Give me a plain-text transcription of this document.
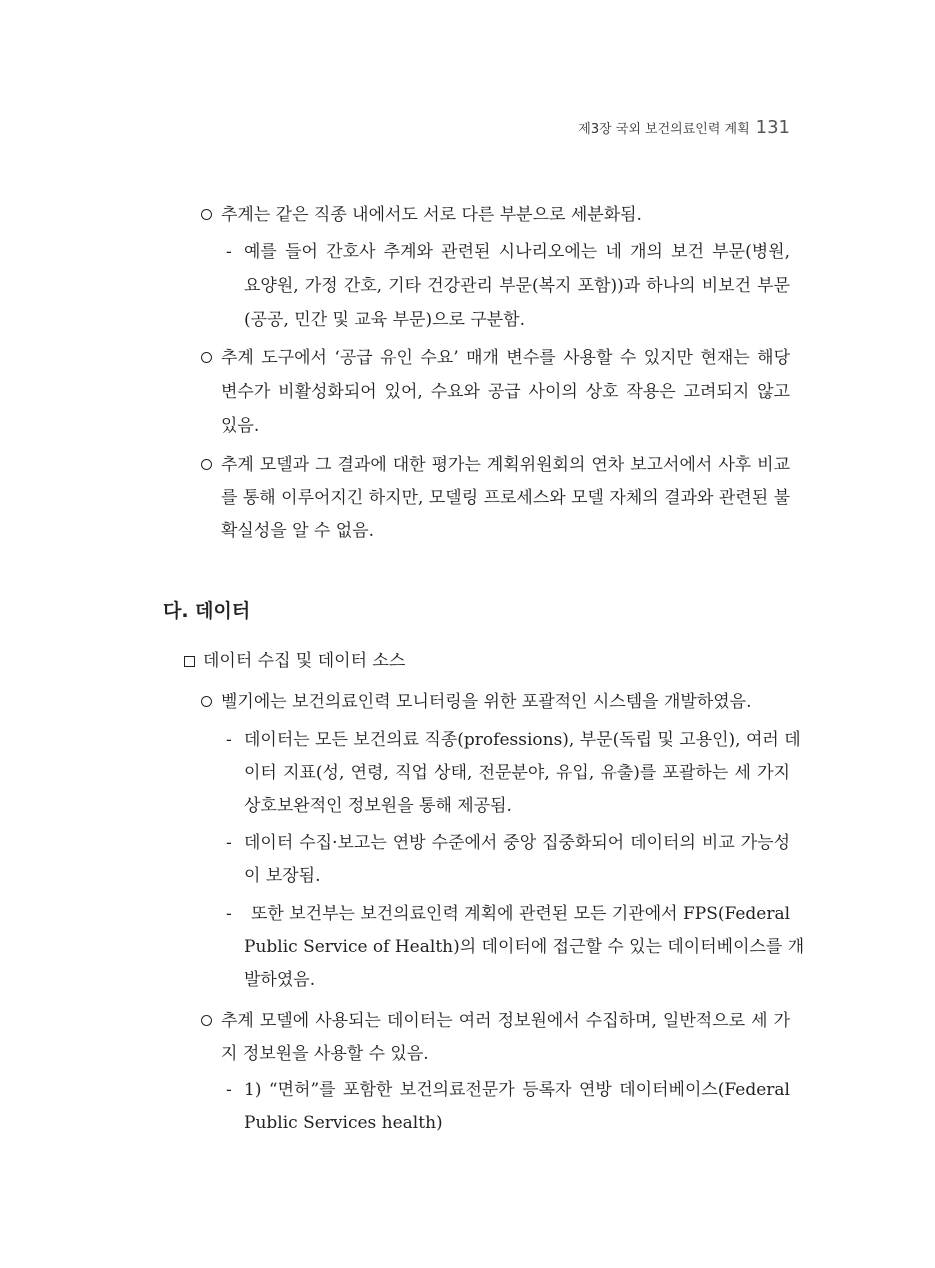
제3장 국외 보건의료인력 계획 131
추계는 같은 직종 내에서도 서로 다른 부분으로 세분화됨.
- 예를 들어 간호사 추계와 관련된 시나리오에는 네 개의 보건 부문(병원,
요양원, 가정 간호, 기타 건강관리 부문(복지 포함))과 하나의 비보건 부문
(공공, 민간 및 교육 부문)으로 구분함.
추계 도구에서 ‘공급 유인 수요’ 매개 변수를 사용할 수 있지만 현재는 해당
변수가 비활성화되어 있어, 수요와 공급 사이의 상호 작용은 고려되지 않고
있음.
추계 모델과 그 결과에 대한 평가는 계획위원회의 연차 보고서에서 사후 비교
를 통해 이루어지긴 하지만, 모델링 프로세스와 모델 자체의 결과와 관련된 불
확실성을 알 수 없음.
다. 데이터
데이터 수집 및 데이터 소스
벨기에는 보건의료인력 모니터링을 위한 포괄적인 시스템을 개발하였음.
- 데이터는 모든 보건의료 직종(professions), 부문(독립 및 고용인), 여러 데
이터 지표(성, 연령, 직업 상태, 전문분야, 유입, 유출)를 포괄하는 세 가지
상호보완적인 정보원을 통해 제공됨.
- 데이터 수집·보고는 연방 수준에서 중앙 집중화되어 데이터의 비교 가능성
이 보장됨.
- 또한 보건부는 보건의료인력 계획에 관련된 모든 기관에서 FPS(Federal
Public Service of Health)의 데이터에 접근할 수 있는 데이터베이스를 개
발하였음.
추계 모델에 사용되는 데이터는 여러 정보원에서 수집하며, 일반적으로 세 가
지 정보원을 사용할 수 있음.
- 1) “면허”를 포함한 보건의료전문가 등록자 연방 데이터베이스(Federal
Public Services health)
